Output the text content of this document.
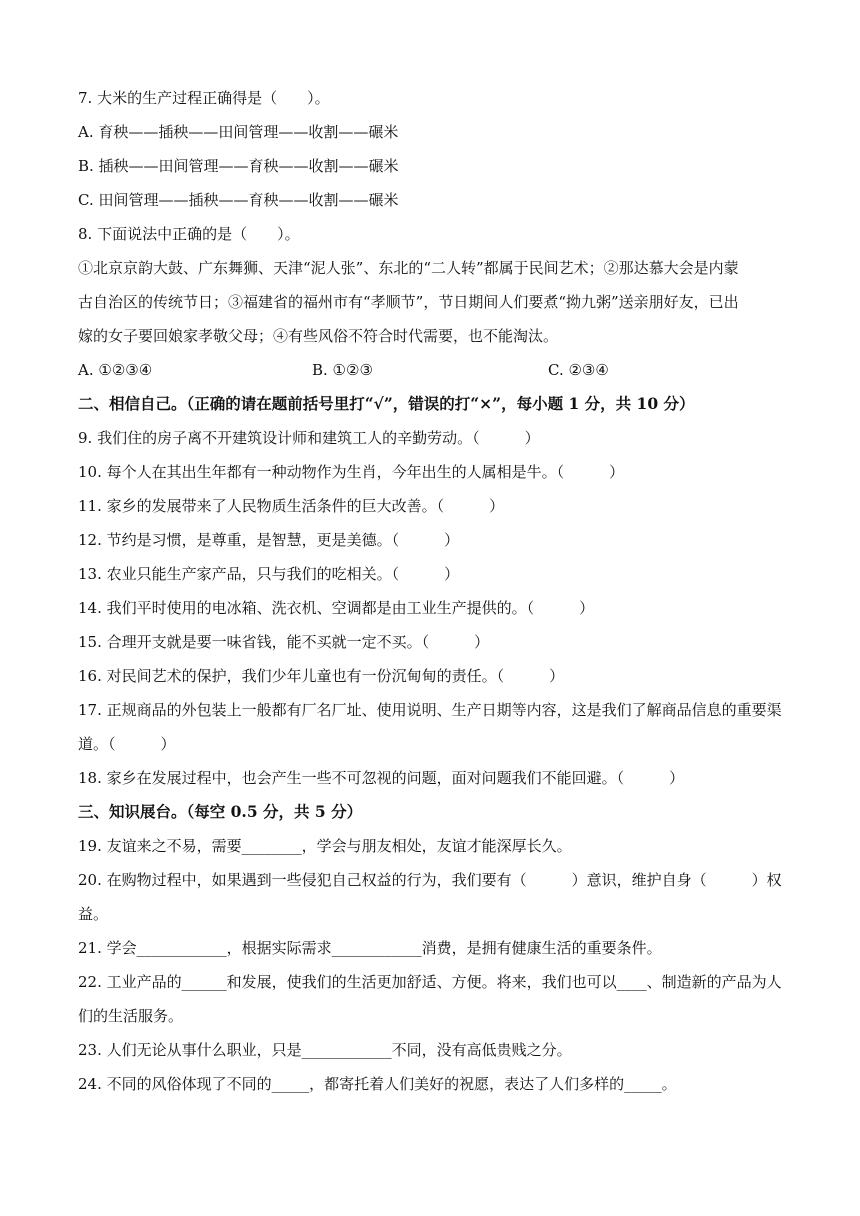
7. 大米的生产过程正确得是（　　）。
A. 育秧——插秧——田间管理——收割——碾米
B. 插秧——田间管理——育秧——收割——碾米
C. 田间管理——插秧——育秧——收割——碾米
8. 下面说法中正确的是（　　）。
①北京京韵大鼓、广东舞狮、天津“泥人张”、东北的“二人转”都属于民间艺术；②那达慕大会是内蒙
古自治区的传统节日；③福建省的福州市有“孝顺节”，节日期间人们要煮“拗九粥”送亲朋好友，已出
嫁的女子要回娘家孝敬父母；④有些风俗不符合时代需要，也不能淘汰。
A. ①②③④	B. ①②③	C. ②③④
二、相信自己。（正确的请在题前括号里打“√”，错误的打“×”，每小题 1 分，共 10 分）
9. 我们住的房子离不开建筑设计师和建筑工人的辛勤劳动。（　　　）
10. 每个人在其出生年都有一种动物作为生肖，今年出生的人属相是牛。（　　　）
11. 家乡的发展带来了人民物质生活条件的巨大改善。（　　　）
12. 节约是习惯，是尊重，是智慧，更是美德。（　　　）
13. 农业只能生产家产品，只与我们的吃相关。（　　　）
14. 我们平时使用的电冰箱、洗衣机、空调都是由工业生产提供的。（　　　）
15. 合理开支就是要一味省钱，能不买就一定不买。（　　　）
16. 对民间艺术的保护，我们少年儿童也有一份沉甸甸的责任。（　　　）
17. 正规商品的外包装上一般都有厂名厂址、使用说明、生产日期等内容，这是我们了解商品信息的重要渠
道。（　　　）
18. 家乡在发展过程中，也会产生一些不可忽视的问题，面对问题我们不能回避。（　　　）
三、知识展台。（每空 0.5 分，共 5 分）
19. 友谊来之不易，需要________，学会与朋友相处，友谊才能深厚长久。
20. 在购物过程中，如果遇到一些侵犯自己权益的行为，我们要有（　　　）意识，维护自身（　　　）权
益。
21. 学会____________，根据实际需求____________消费，是拥有健康生活的重要条件。
22. 工业产品的______和发展，使我们的生活更加舒适、方便。将来，我们也可以____、制造新的产品为人
们的生活服务。
23. 人们无论从事什么职业，只是____________不同，没有高低贵贱之分。
24. 不同的风俗体现了不同的_____，都寄托着人们美好的祝愿，表达了人们多样的_____。
